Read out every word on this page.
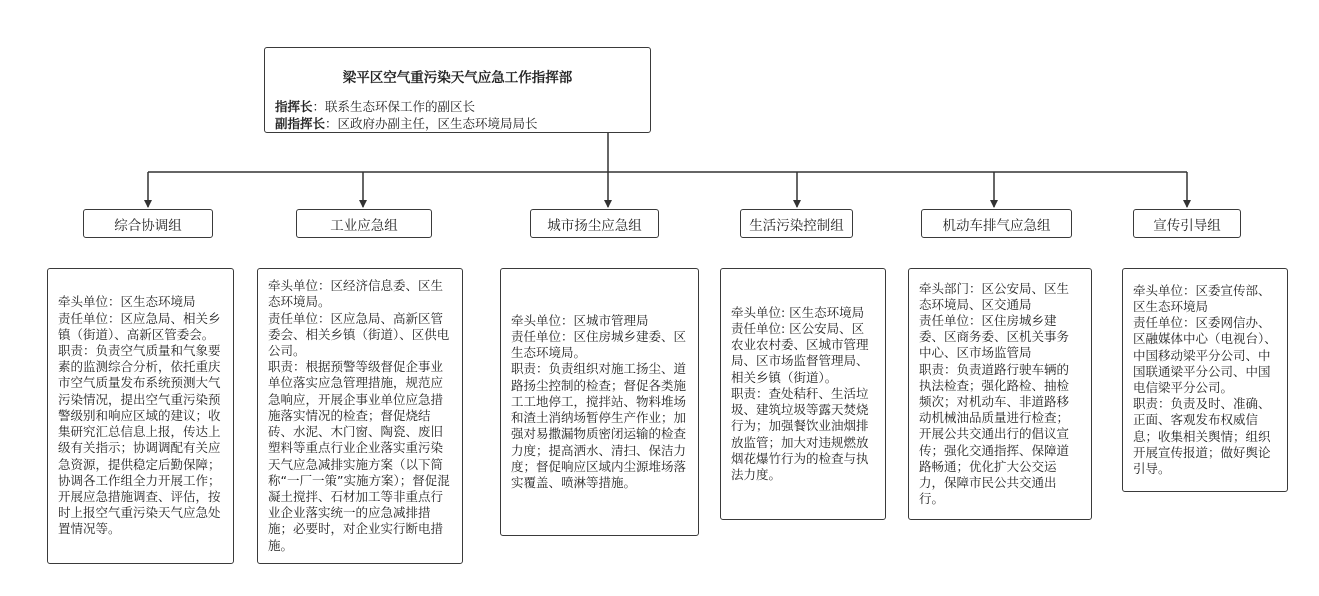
梁平区空气重污染天气应急工作指挥部
指挥长：联系生态环保工作的副区长
副指挥长：区政府办副主任，区生态环境局局长
综合协调组

牵头单位：区生态环境局

责任单位：区应急局、相关乡镇（街道）、高新区管委会。

职责：负责空气质量和气象要素的监测综合分析，依托重庆市空气质量发布系统预测大气污染情况，提出空气重污染预警级别和响应区域的建议；收集研究汇总信息上报，传达上级有关指示；协调调配有关应急资源，提供稳定后勤保障；协调各工作组全力开展工作；开展应急措施调查、评估，按时上报空气重污染天气应急处置情况等。

工业应急组

牵头单位：区经济信息委、区生态环境局。

责任单位：区应急局、高新区管委会、相关乡镇（街道）、区供电公司。

职责：根据预警等级督促企事业单位落实应急管理措施，规范应急响应，开展企事业单位应急措施落实情况的检查；督促烧结砖、水泥、木门窗、陶瓷、废旧塑料等重点行业企业落实重污染天气应急减排实施方案（以下简称“一厂一策”实施方案）；督促混凝土搅拌、石材加工等非重点行业企业落实统一的应急减排措施；必要时，对企业实行断电措施。

城市扬尘应急组

牵头单位：区城市管理局

责任单位：区住房城乡建委、区生态环境局。

职责：负责组织对施工扬尘、道路扬尘控制的检查；督促各类施工工地停工，搅拌站、物料堆场和渣土消纳场暂停生产作业；加强对易撒漏物质密闭运输的检查力度；提高洒水、清扫、保洁力度；督促响应区域内尘源堆场落实覆盖、喷淋等措施。

生活污染控制组

牵头单位: 区生态环境局

责任单位: 区公安局、区农业农村委、区城市管理局、区市场监督管理局、相关乡镇（街道）。

职责：查处秸秆、生活垃圾、建筑垃圾等露天焚烧行为；加强餐饮业油烟排放监管；加大对违规燃放烟花爆竹行为的检查与执法力度。

机动车排气应急组

牵头部门：区公安局、区生态环境局、区交通局

责任单位：区住房城乡建委、区商务委、区机关事务中心、区市场监管局

职责：负责道路行驶车辆的执法检查；强化路检、抽检频次；对机动车、非道路移动机械油品质量进行检查；开展公共交通出行的倡议宣传；强化交通指挥、保障道路畅通；优化扩大公交运力，保障市民公共交通出行。

宣传引导组

牵头单位：区委宣传部、区生态环境局

责任单位：区委网信办、区融媒体中心（电视台）、中国移动梁平分公司、中国联通梁平分公司、中国电信梁平分公司。

职责：负责及时、准确、正面、客观发布权威信息；收集相关舆情；组织开展宣传报道；做好舆论引导。
